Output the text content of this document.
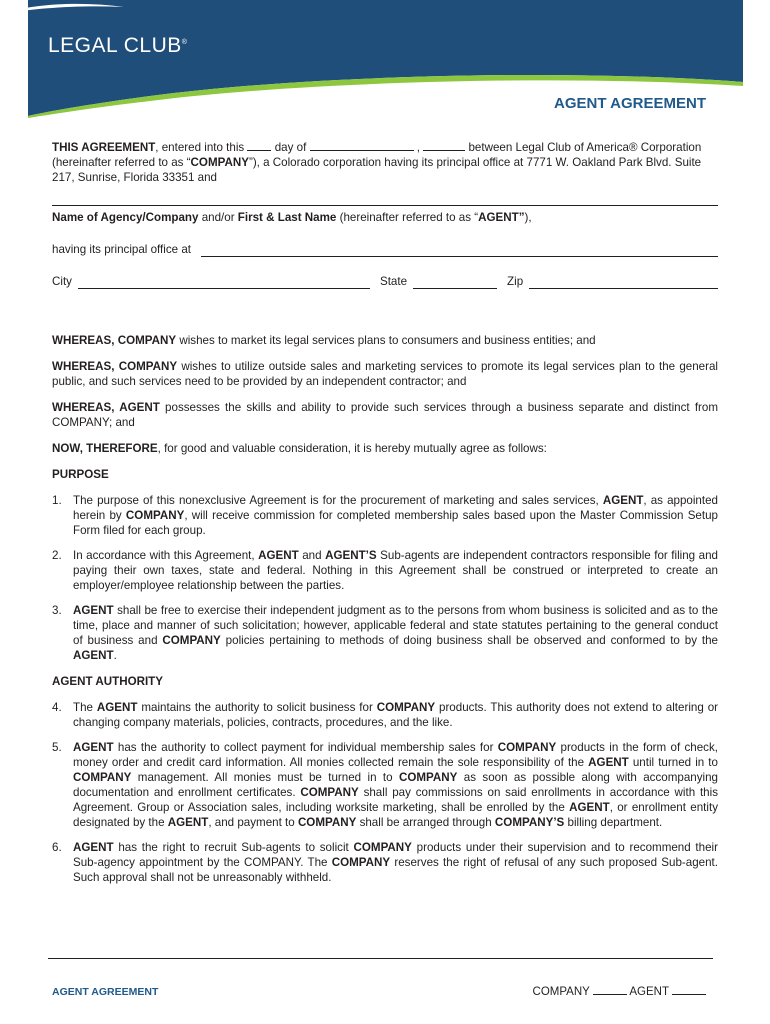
LEGAL CLUB®
AGENT AGREEMENT

THIS AGREEMENT, entered into this	day of	,	between Legal Club of America® Corporation (hereinafter referred to as “COMPANY”), a Colorado corporation having its principal office at 7771 W. Oakland Park Blvd. Suite 217, Sunrise, Florida 33351 and

Name of Agency/Company and/or First & Last Name (hereinafter referred to as “AGENT”),

having its principal office at
City	State	Zip

WHEREAS, COMPANY wishes to market its legal services plans to consumers and business entities; and

WHEREAS, COMPANY wishes to utilize outside sales and marketing services to promote its legal services plan to the general public, and such services need to be provided by an independent contractor; and

WHEREAS, AGENT possesses the skills and ability to provide such services through a business separate and distinct from COMPANY; and

NOW, THEREFORE, for good and valuable consideration, it is hereby mutually agree as follows:

PURPOSE

1. The purpose of this nonexclusive Agreement is for the procurement of marketing and sales services, AGENT, as appointed herein by COMPANY, will receive commission for completed membership sales based upon the Master Commission Setup Form filed for each group.
2. In accordance with this Agreement, AGENT and AGENT’S Sub-agents are independent contractors responsible for filing and paying their own taxes, state and federal. Nothing in this Agreement shall be construed or interpreted to create an employer/employee relationship between the parties.
3. AGENT shall be free to exercise their independent judgment as to the persons from whom business is solicited and as to the time, place and manner of such solicitation; however, applicable federal and state statutes pertaining to the general conduct of business and COMPANY policies pertaining to methods of doing business shall be observed and conformed to by the AGENT.

AGENT AUTHORITY

4. The AGENT maintains the authority to solicit business for COMPANY products. This authority does not extend to altering or changing company materials, policies, contracts, procedures, and the like.
5. AGENT has the authority to collect payment for individual membership sales for COMPANY products in the form of check, money order and credit card information. All monies collected remain the sole responsibility of the AGENT until turned in to COMPANY management. All monies must be turned in to COMPANY as soon as possible along with accompanying documentation and enrollment certificates. COMPANY shall pay commissions on said enrollments in accordance with this Agreement. Group or Association sales, including worksite marketing, shall be enrolled by the AGENT, or enrollment entity designated by the AGENT, and payment to COMPANY shall be arranged through COMPANY’S billing department.
6. AGENT has the right to recruit Sub-agents to solicit COMPANY products under their supervision and to recommend their Sub-agency appointment by the COMPANY. The COMPANY reserves the right of refusal of any such proposed Sub-agent. Such approval shall not be unreasonably withheld.
AGENT AGREEMENT	COMPANY	AGENT
